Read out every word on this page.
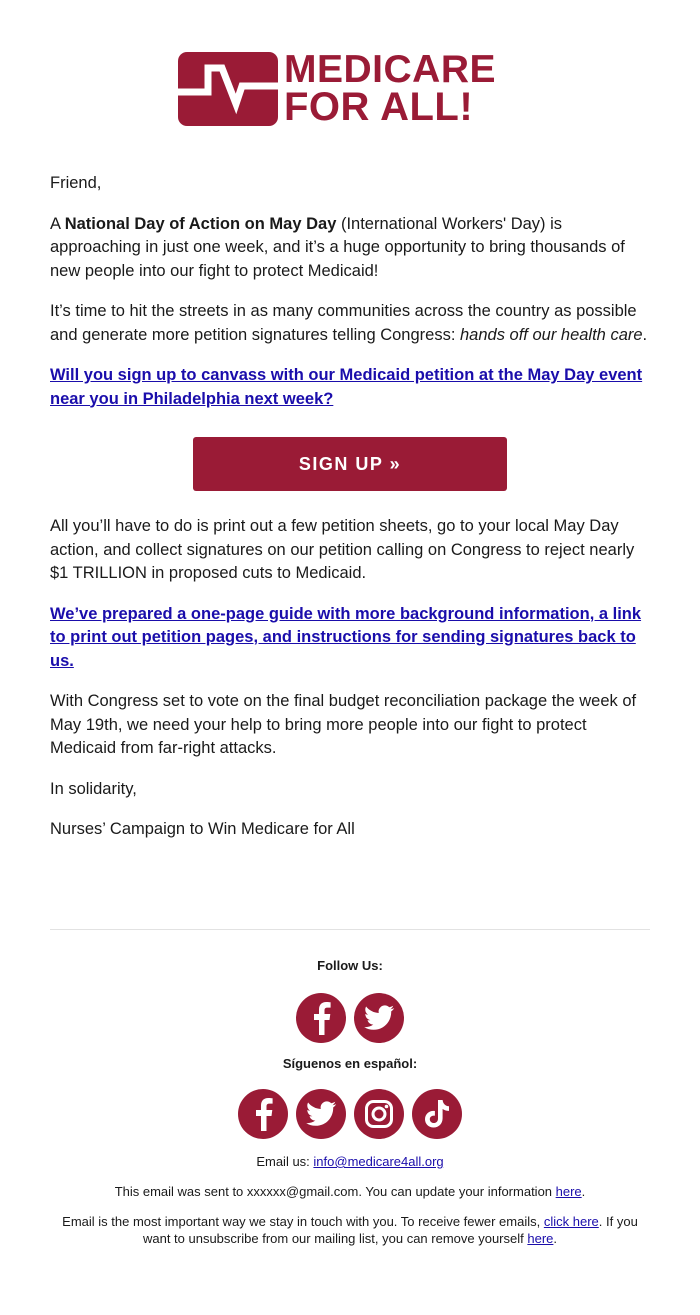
MEDICARE
FOR ALL!

Friend,

A National Day of Action on May Day (International Workers' Day) is approaching in just one week, and it’s a huge opportunity to bring thousands of new people into our fight to protect Medicaid!

It’s time to hit the streets in as many communities across the country as possible and generate more petition signatures telling Congress: hands off our health care.

Will you sign up to canvass with our Medicaid petition at the May Day event near you in Philadelphia next week?

SIGN UP »

All you’ll have to do is print out a few petition sheets, go to your local May Day action, and collect signatures on our petition calling on Congress to reject nearly $1 TRILLION in proposed cuts to Medicaid.

We’ve prepared a one-page guide with more background information, a link to print out petition pages, and instructions for sending signatures back to us.

With Congress set to vote on the final budget reconciliation package the week of May 19th, we need your help to bring more people into our fight to protect Medicaid from far-right attacks.

In solidarity,

Nurses’ Campaign to Win Medicare for All

Follow Us:
Síguenos en español:
Email us: info@medicare4all.org
This email was sent to xxxxxx@gmail.com. You can update your information here.
Email is the most important way we stay in touch with you. To receive fewer emails, click here. If you want to unsubscribe from our mailing list, you can remove yourself here.
